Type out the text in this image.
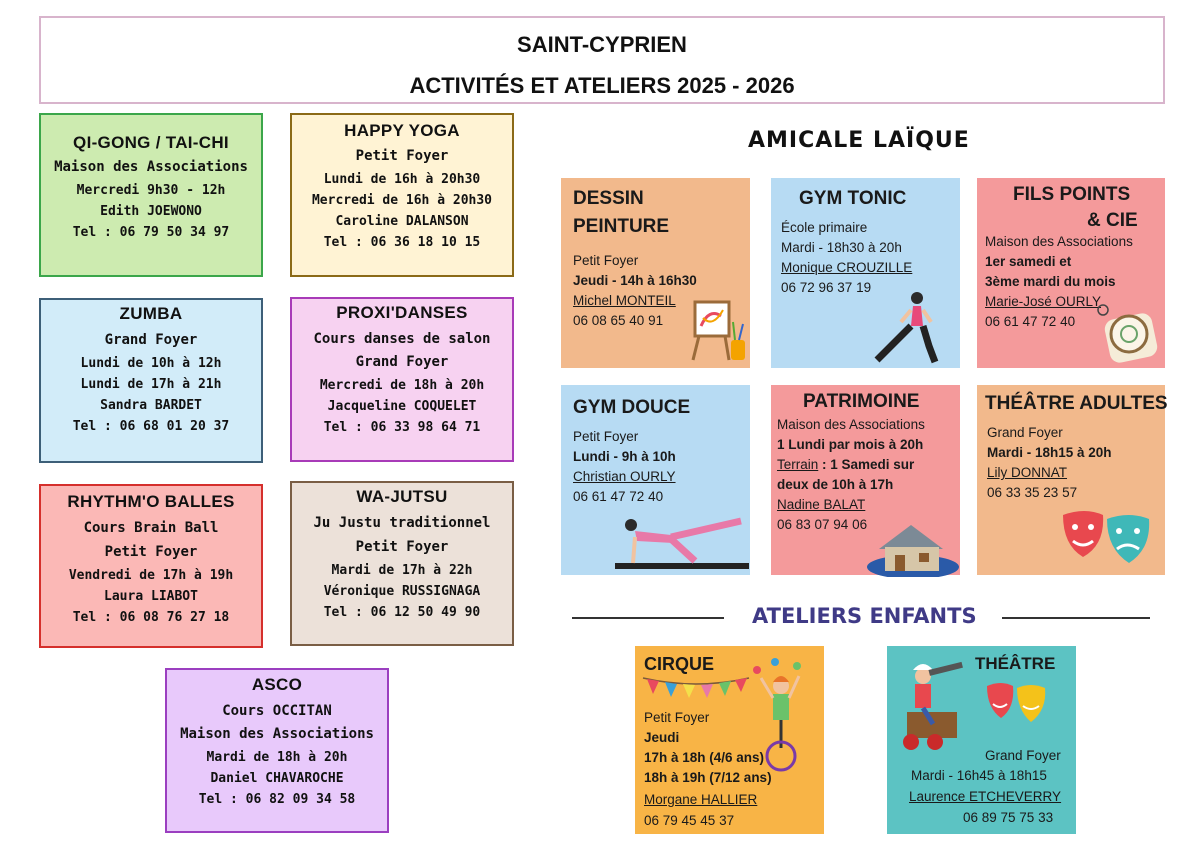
SAINT-CYPRIEN
ACTIVITÉS ET ATELIERS 2025 - 2026
QI-GONG / TAI-CHI
Maison des Associations
Mercredi 9h30 - 12h
Edith JOEWONO
Tel : 06 79 50 34 97
HAPPY YOGA
Petit Foyer
Lundi de 16h à 20h30
Mercredi de 16h à 20h30
Caroline DALANSON
Tel : 06 36 18 10 15
ZUMBA
Grand Foyer
Lundi de 10h à 12h
Lundi de 17h à 21h
Sandra BARDET
Tel : 06 68 01 20 37
PROXI'DANSES
Cours danses de salon
Grand Foyer
Mercredi de 18h à 20h
Jacqueline COQUELET
Tel : 06 33 98 64 71
RHYTHM'O BALLES
Cours Brain Ball
Petit Foyer
Vendredi de 17h à 19h
Laura LIABOT
Tel : 06 08 76 27 18
WA-JUTSU
Ju Justu traditionnel
Petit Foyer
Mardi de 17h à 22h
Véronique RUSSIGNAGA
Tel : 06 12 50 49 90
ASCO
Cours OCCITAN
Maison des Associations
Mardi de 18h à 20h
Daniel CHAVAROCHE
Tel : 06 82 09 34 58
AMICALE LAÏQUE
DESSIN
PEINTURE
Petit Foyer
Jeudi - 14h à 16h30
Michel MONTEIL
06 08 65 40 91
GYM TONIC
École primaire
Mardi - 18h30 à 20h
Monique CROUZILLE
06 72 96 37 19
FILS POINTS
& CIE
Maison des Associations
1er samedi et
3ème mardi du mois
Marie-José OURLY
06 61 47 72 40
GYM DOUCE
Petit Foyer
Lundi - 9h à 10h
Christian OURLY
06 61 47 72 40
PATRIMOINE
Maison des Associations
1 Lundi par mois à 20h
Terrain : 1 Samedi sur
deux de 10h à 17h
Nadine BALAT
06 83 07 94 06
THÉÂTRE ADULTES
Grand Foyer
Mardi - 18h15 à 20h
Lily DONNAT
06 33 35 23 57
ATELIERS ENFANTS
CIRQUE
Petit Foyer
Jeudi
17h à 18h (4/6 ans)
18h à 19h (7/12 ans)
Morgane HALLIER
06 79 45 45 37
THÉÂTRE
Grand Foyer
Mardi - 16h45 à 18h15
Laurence ETCHEVERRY
06 89 75 75 33
